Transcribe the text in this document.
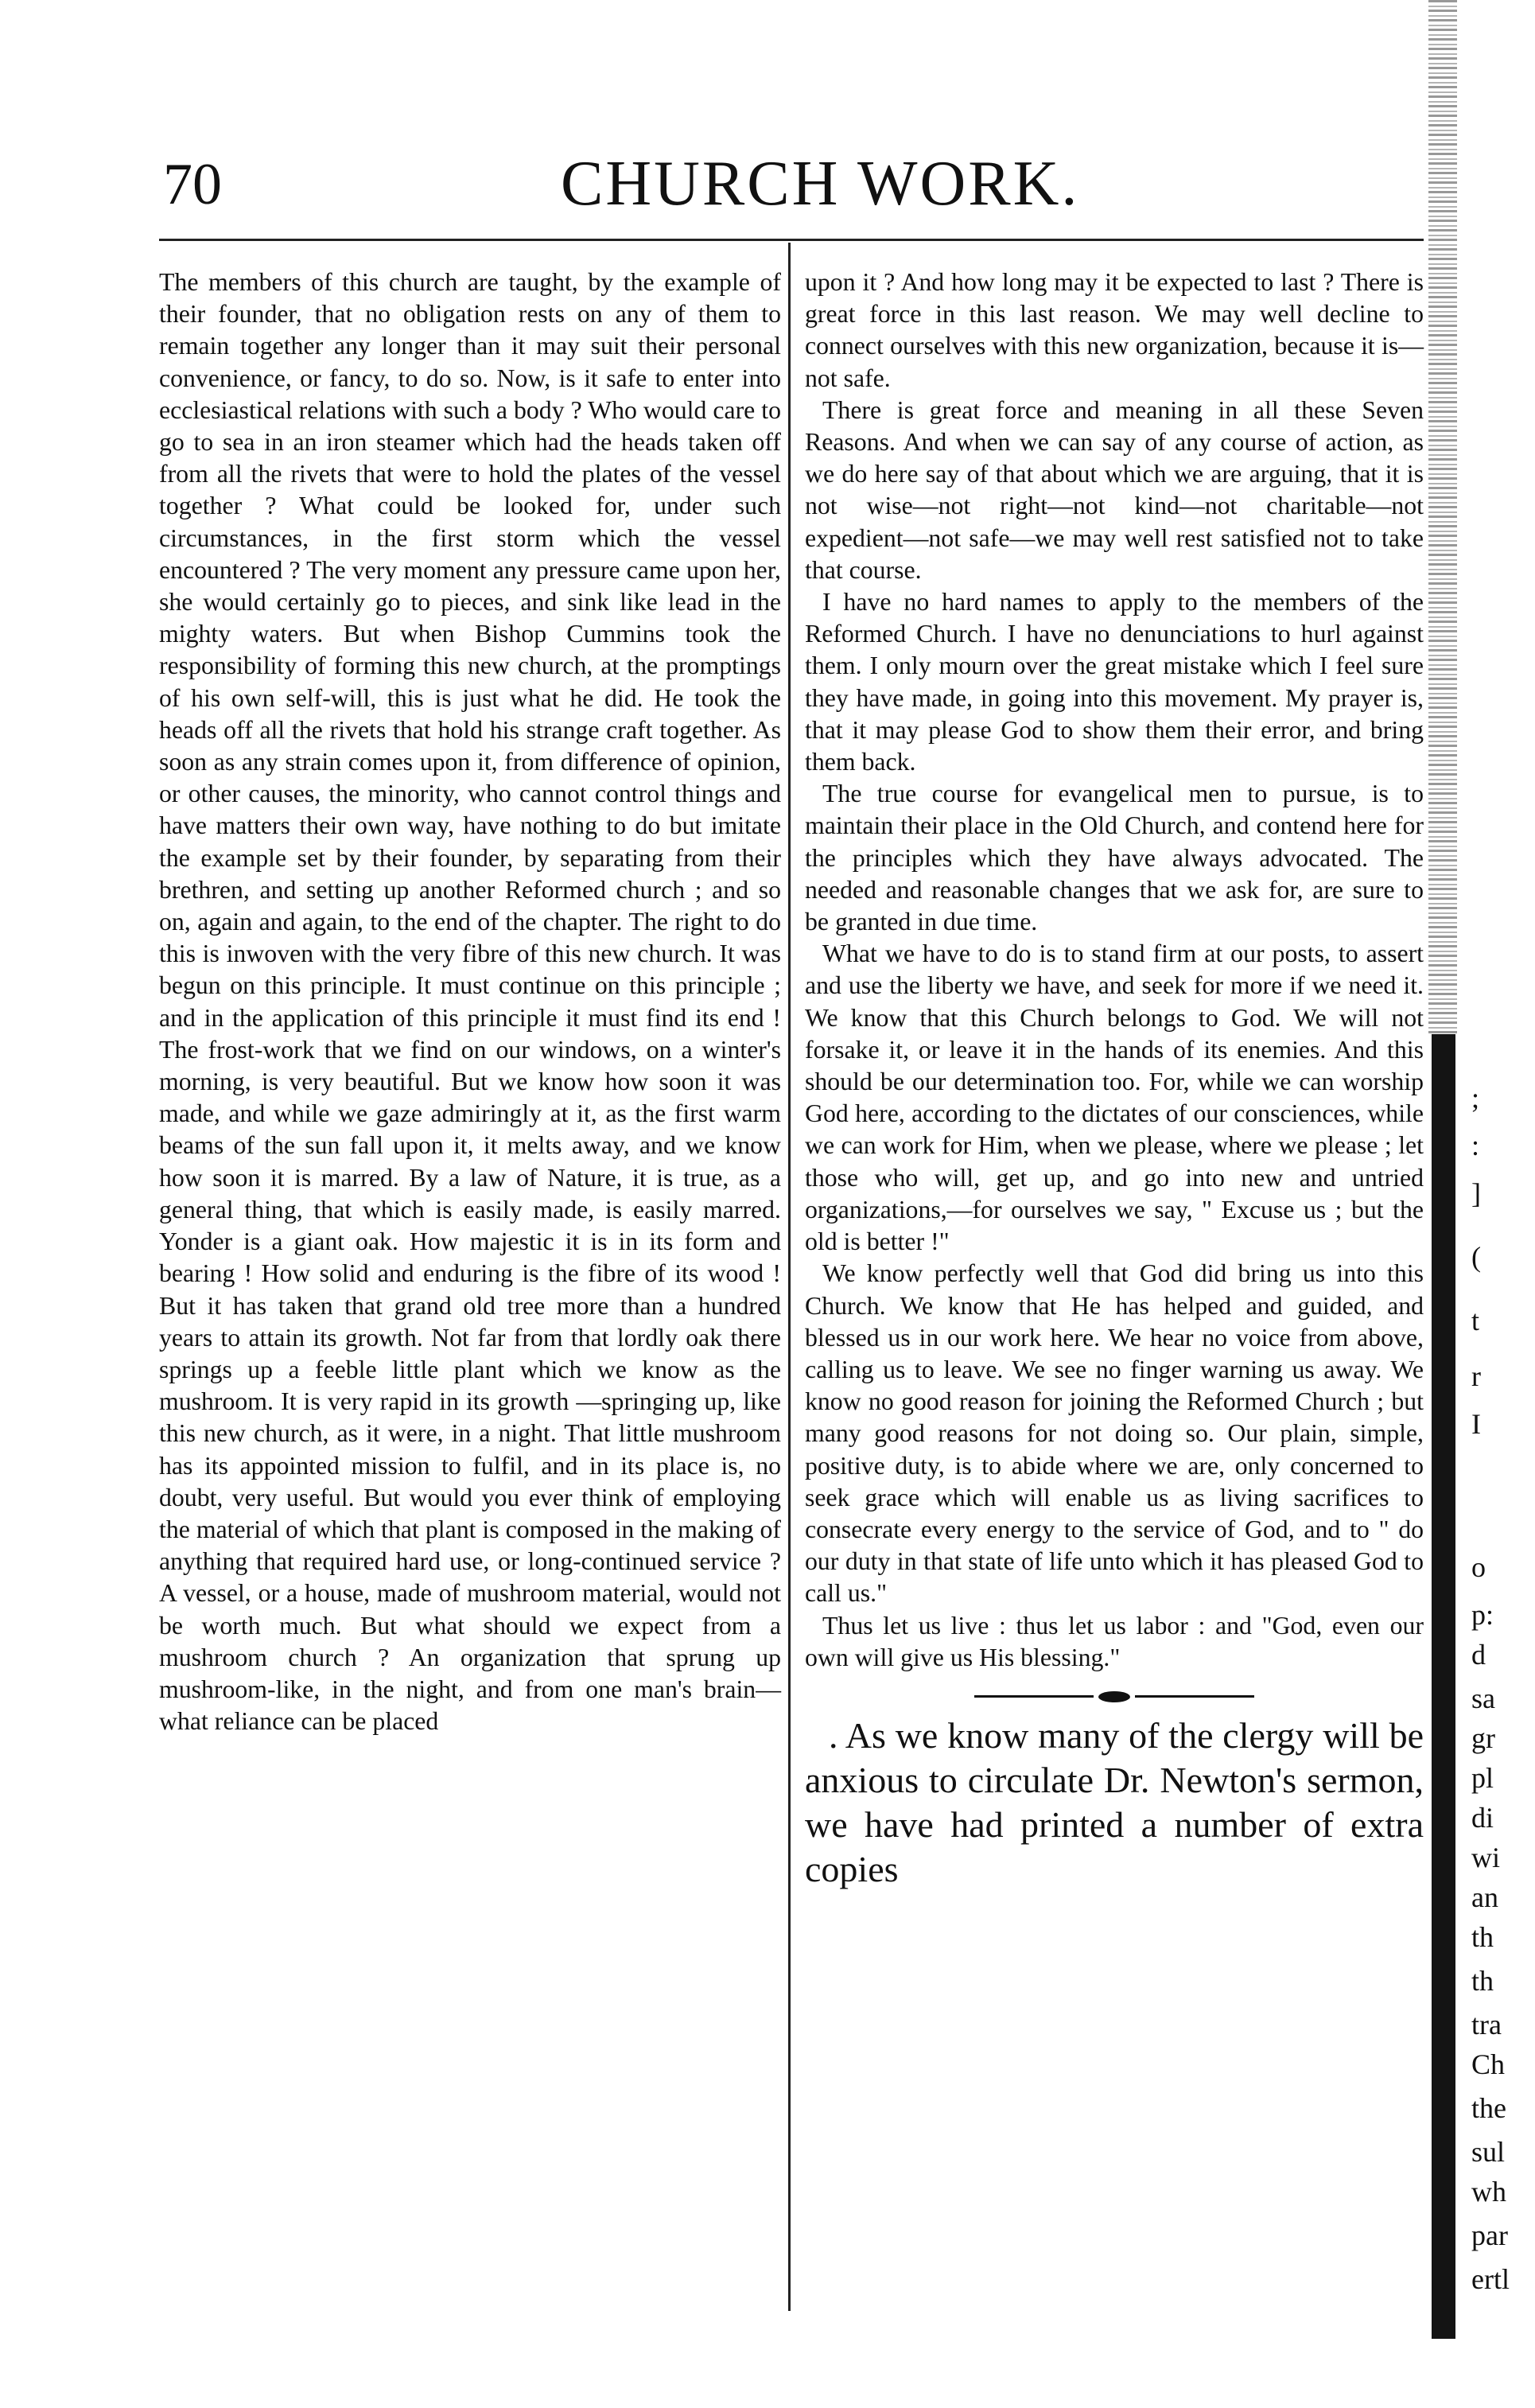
70	CHURCH WORK.

The members of this church are taught, by the example of their founder, that no obligation rests on any of them to remain together any longer than it may suit their personal convenience, or fancy, to do so. Now, is it safe to enter into ecclesiastical relations with such a body ? Who would care to go to sea in an iron steamer which had the heads taken off from all the rivets that were to hold the plates of the vessel together ? What could be looked for, under such circumstances, in the first storm which the vessel encountered ? The very moment any pressure came upon her, she would certainly go to pieces, and sink like lead in the mighty waters. But when Bishop Cummins took the responsibility of forming this new church, at the promptings of his own self-will, this is just what he did. He took the heads off all the rivets that hold his strange craft together. As soon as any strain comes upon it, from difference of opinion, or other causes, the minority, who cannot control things and have matters their own way, have nothing to do but imitate the example set by their founder, by separating from their brethren, and setting up another Reformed church ; and so on, again and again, to the end of the chapter. The right to do this is inwoven with the very fibre of this new church. It was begun on this principle. It must continue on this principle ; and in the application of this principle it must find its end ! The frost-work that we find on our windows, on a winter's morning, is very beautiful. But we know how soon it was made, and while we gaze admiringly at it, as the first warm beams of the sun fall upon it, it melts away, and we know how soon it is marred. By a law of Nature, it is true, as a general thing, that which is easily made, is easily marred. Yonder is a giant oak. How majestic it is in its form and bearing ! How solid and enduring is the fibre of its wood ! But it has taken that grand old tree more than a hundred years to attain its growth. Not far from that lordly oak there springs up a feeble little plant which we know as the mushroom. It is very rapid in its growth —springing up, like this new church, as it were, in a night. That little mushroom has its appointed mission to fulfil, and in its place is, no doubt, very useful. But would you ever think of employing the material of which that plant is composed in the making of anything that required hard use, or long-continued service ? A vessel, or a house, made of mushroom material, would not be worth much. But what should we expect from a mushroom church ? An organization that sprung up mushroom-like, in the night, and from one man's brain—what reliance can be placed

upon it ? And how long may it be expected to last ? There is great force in this last reason. We may well decline to connect ourselves with this new organization, because it is—not safe.

There is great force and meaning in all these Seven Reasons. And when we can say of any course of action, as we do here say of that about which we are arguing, that it is not wise—not right—not kind—not charitable—not expedient—not safe—we may well rest satisfied not to take that course.

I have no hard names to apply to the members of the Reformed Church. I have no denunciations to hurl against them. I only mourn over the great mistake which I feel sure they have made, in going into this movement. My prayer is, that it may please God to show them their error, and bring them back.

The true course for evangelical men to pursue, is to maintain their place in the Old Church, and contend here for the principles which they have always advocated. The needed and reasonable changes that we ask for, are sure to be granted in due time.

What we have to do is to stand firm at our posts, to assert and use the liberty we have, and seek for more if we need it. We know that this Church belongs to God. We will not forsake it, or leave it in the hands of its enemies. And this should be our determination too. For, while we can worship God here, according to the dictates of our consciences, while we can work for Him, when we please, where we please ; let those who will, get up, and go into new and untried organizations,—for ourselves we say, " Excuse us ; but the old is better !"

We know perfectly well that God did bring us into this Church. We know that He has helped and guided, and blessed us in our work here. We hear no voice from above, calling us to leave. We see no finger warning us away. We know no good reason for joining the Reformed Church ; but many good reasons for not doing so. Our plain, simple, positive duty, is to abide where we are, only concerned to seek grace which will enable us as living sacrifices to consecrate every energy to the service of God, and to " do our duty in that state of life unto which it has pleased God to call us."

Thus let us live : thus let us labor : and "God, even our own will give us His blessing."

. As we know many of the clergy will be anxious to circulate Dr. Newton's sermon, we have had printed a number of extra copies

;
:
]
(
t
r
I
o
p:
d
sa
gr
pl
di
wi
an
th
th
tra
Ch
the
sul
wh
par
ertl
